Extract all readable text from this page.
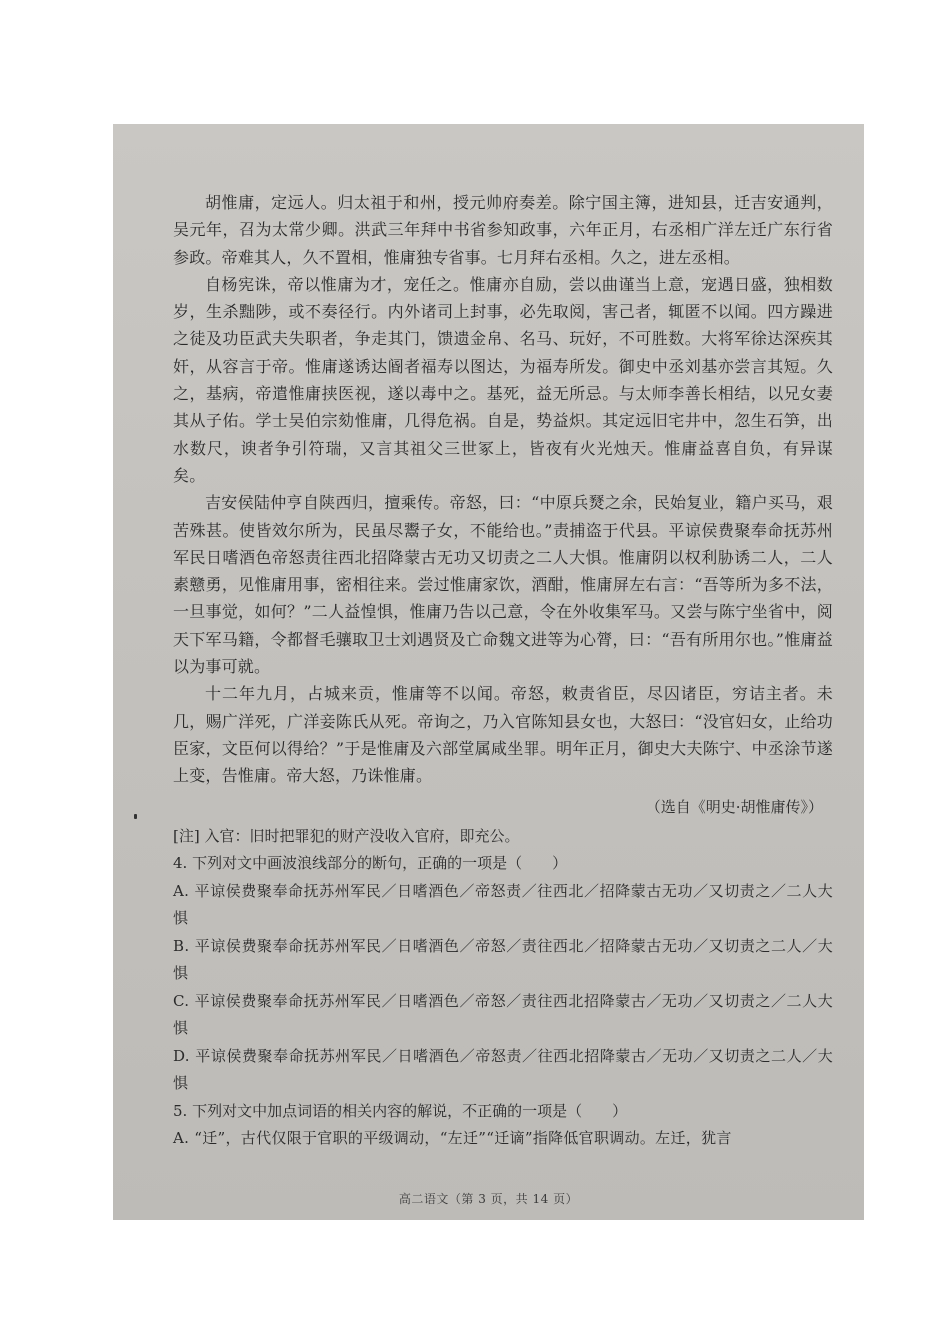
胡惟庸，定远人。归太祖于和州，授元帅府奏差。除宁国主簿，进知县，迁吉安通判，吴元年，召为太常少卿。洪武三年拜中书省参知政事，六年正月，右丞相广洋左迁广东行省参政。帝难其人，久不置相，惟庸独专省事。七月拜右丞相。久之，进左丞相。

自杨宪诛，帝以惟庸为才，宠任之。惟庸亦自励，尝以曲谨当上意，宠遇日盛，独相数岁，生杀黜陟，或不奏径行。内外诸司上封事，必先取阅，害己者，辄匿不以闻。四方躁进之徒及功臣武夫失职者，争走其门，馈遗金帛、名马、玩好，不可胜数。大将军徐达深疾其奸，从容言于帝。惟庸遂诱达阍者福寿以图达，为福寿所发。御史中丞刘基亦尝言其短。久之，基病，帝遣惟庸挟医视，遂以毒中之。基死，益无所忌。与太师李善长相结，以兄女妻其从子佑。学士吴伯宗劾惟庸，几得危祸。自是，势益炽。其定远旧宅井中，忽生石笋，出水数尺，谀者争引符瑞，又言其祖父三世冢上，皆夜有火光烛天。惟庸益喜自负，有异谋矣。

吉安侯陆仲亨自陕西归，擅乘传。帝怒，曰：“中原兵燹之余，民始复业，籍户买马，艰苦殊甚。使皆效尔所为，民虽尽鬻子女，不能给也。”责捕盗于代县。平谅侯费聚奉命抚苏州军民日嗜酒色帝怒责往西北招降蒙古无功又切责之二人大惧。惟庸阴以权利胁诱二人，二人素戆勇，见惟庸用事，密相往来。尝过惟庸家饮，酒酣，惟庸屏左右言：“吾等所为多不法，一旦事觉，如何？”二人益惶惧，惟庸乃告以己意，令在外收集军马。又尝与陈宁坐省中，阅天下军马籍，令都督毛骧取卫士刘遇贤及亡命魏文进等为心膂，曰：“吾有所用尔也。”惟庸益以为事可就。

十二年九月，占城来贡，惟庸等不以闻。帝怒，敕责省臣，尽囚诸臣，穷诘主者。未几，赐广洋死，广洋妾陈氏从死。帝询之，乃入官陈知县女也，大怒曰：“没官妇女，止给功臣家，文臣何以得给？”于是惟庸及六部堂属咸坐罪。明年正月，御史大夫陈宁、中丞涂节遂上变，告惟庸。帝大怒，乃诛惟庸。

（选自《明史·胡惟庸传》）

[注] 入官：旧时把罪犯的财产没收入官府，即充公。

4. 下列对文中画波浪线部分的断句，正确的一项是（　　）

A. 平谅侯费聚奉命抚苏州军民／日嗜酒色／帝怒责／往西北／招降蒙古无功／又切责之／二人大惧

B. 平谅侯费聚奉命抚苏州军民／日嗜酒色／帝怒／责往西北／招降蒙古无功／又切责之二人／大惧

C. 平谅侯费聚奉命抚苏州军民／日嗜酒色／帝怒／责往西北招降蒙古／无功／又切责之／二人大惧

D. 平谅侯费聚奉命抚苏州军民／日嗜酒色／帝怒责／往西北招降蒙古／无功／又切责之二人／大惧

5. 下列对文中加点词语的相关内容的解说，不正确的一项是（　　）

A. “迁”，古代仅限于官职的平级调动，“左迁”“迁谪”指降低官职调动。左迁，犹言

高二语文（第 3 页，共 14 页）
